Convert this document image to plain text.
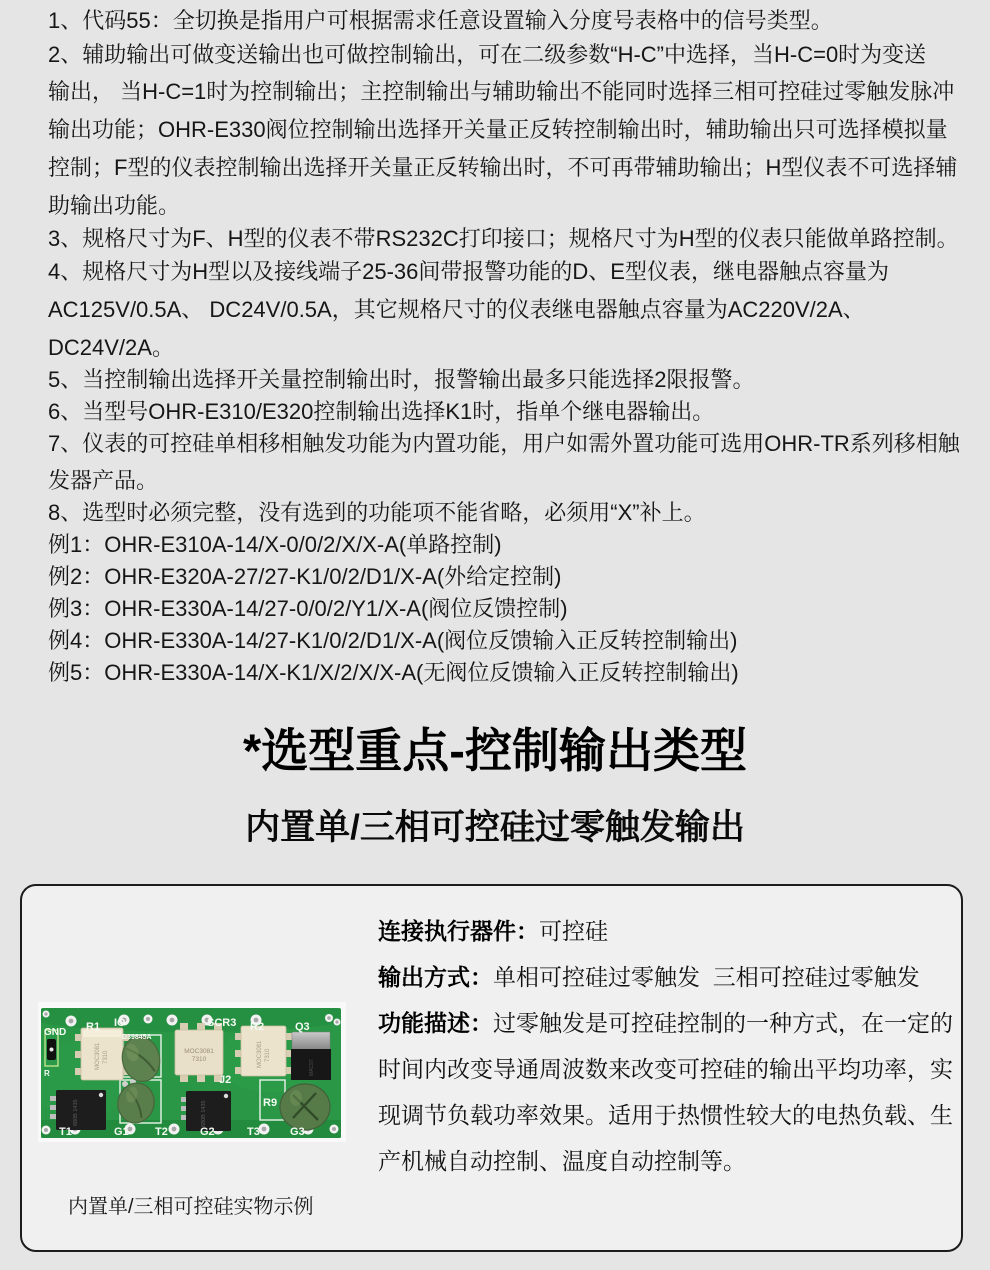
1、代码55：全切换是指用户可根据需求任意设置输入分度号表格中的信号类型。
2、辅助输出可做变送输出也可做控制输出，可在二级参数“H-C”中选择，当H-C=0时为变送
输出， 当H-C=1时为控制输出；主控制输出与辅助输出不能同时选择三相可控硅过零触发脉冲
输出功能；OHR-E330阀位控制输出选择开关量正反转控制输出时，辅助输出只可选择模拟量
控制；F型的仪表控制输出选择开关量正反转输出时，不可再带辅助输出；H型仪表不可选择辅
助输出功能。
3、规格尺寸为F、H型的仪表不带RS232C打印接口；规格尺寸为H型的仪表只能做单路控制。
4、规格尺寸为H型以及接线端子25-36间带报警功能的D、E型仪表，继电器触点容量为
AC125V/0.5A、 DC24V/0.5A，其它规格尺寸的仪表继电器触点容量为AC220V/2A、
DC24V/2A。
5、当控制输出选择开关量控制输出时，报警输出最多只能选择2限报警。
6、当型号OHR-E310/E320控制输出选择K1时，指单个继电器输出。
7、仪表的可控硅单相移相触发功能为内置功能，用户如需外置功能可选用OHR-TR系列移相触
发器产品。
8、选型时必须完整，没有选到的功能项不能省略，必须用“X”补上。
例1：OHR-E310A-14/X-0/0/2/X/X-A(单路控制)
例2：OHR-E320A-27/27-K1/0/2/D1/X-A(外给定控制)
例3：OHR-E330A-14/27-0/0/2/Y1/X-A(阀位反馈控制)
例4：OHR-E330A-14/27-K1/0/2/D1/X-A(阀位反馈输入正反转控制输出)
例5：OHR-E330A-14/X-K1/X/2/X/X-A(无阀位反馈输入正反转控制输出)
*选型重点-控制输出类型
内置单/三相可控硅过零触发输出
MOC3081 7310	MOC3081
7310	MOC3081 7310
MAC97
680B 1435	680B 1435
GND R1 IO
D39845A
SCR3 R2	Q3
J2
R9
R
T1	G1 T2	G2	T3	G3
连接执行器件：可控硅
输出方式：单相可控硅过零触发  三相可控硅过零触发
功能描述：过零触发是可控硅控制的一种方式，在一定的
时间内改变导通周波数来改变可控硅的输出平均功率，实
现调节负载功率效果。适用于热惯性较大的电热负载、生
产机械自动控制、温度自动控制等。
内置单/三相可控硅实物示例
